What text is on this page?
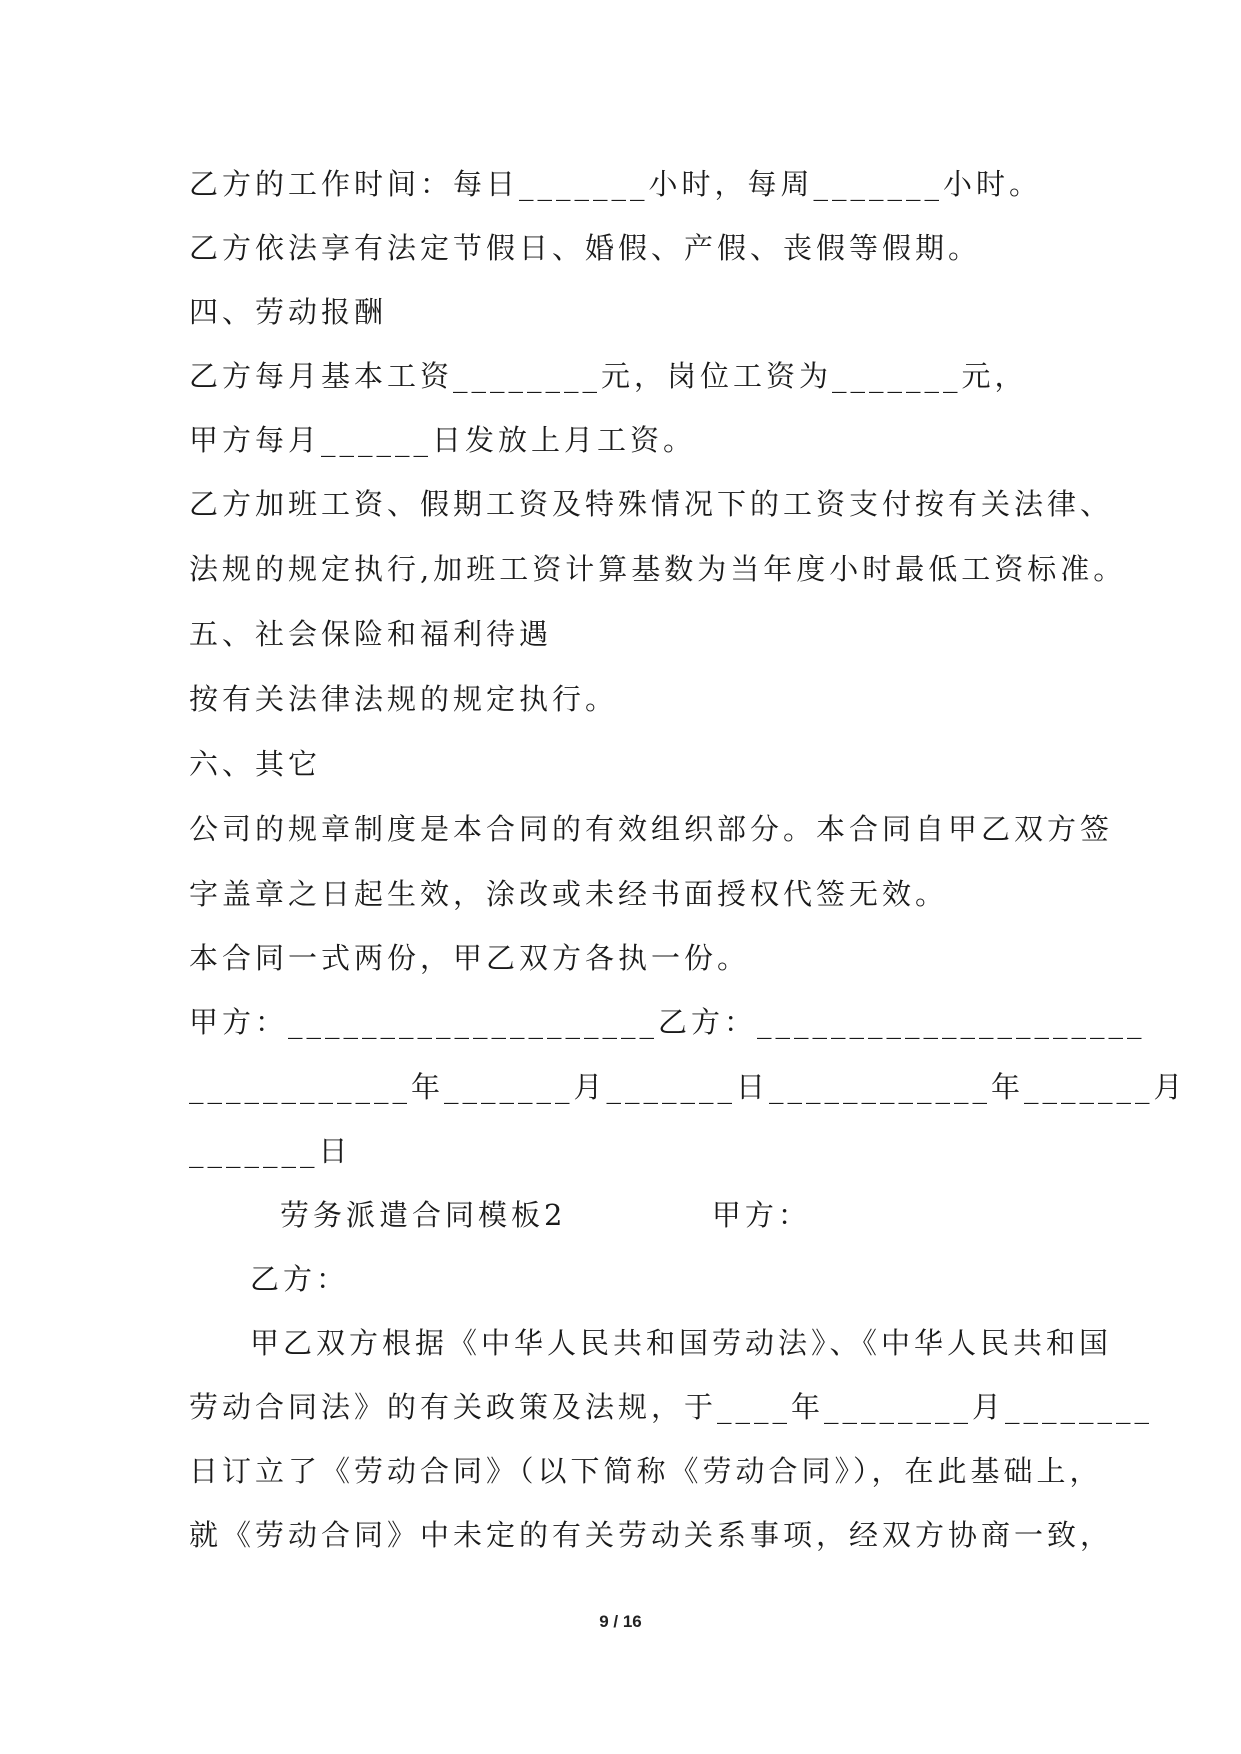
乙方的工作时间：每日_______小时，每周_______小时。
乙方依法享有法定节假日、婚假、产假、丧假等假期。
四、劳动报酬
乙方每月基本工资________元，岗位工资为_______元，
甲方每月______日发放上月工资。
乙方加班工资、假期工资及特殊情况下的工资支付按有关法律、
法规的规定执行,加班工资计算基数为当年度小时最低工资标准。
五、社会保险和福利待遇
按有关法律法规的规定执行。
六、其它
公司的规章制度是本合同的有效组织部分。本合同自甲乙双方签
字盖章之日起生效，涂改或未经书面授权代签无效。
本合同一式两份，甲乙双方各执一份。
甲方：____________________乙方：_____________________
____________年_______月_______日____________年_______月
_______日
劳务派遣合同模板2           甲方：
乙方：
甲乙双方根据《中华人民共和国劳动法》、《中华人民共和国
劳动合同法》的有关政策及法规，于____年________月________
日订立了《劳动合同》（以下简称《劳动合同》），在此基础上，
就《劳动合同》中未定的有关劳动关系事项，经双方协商一致，
9 / 16
